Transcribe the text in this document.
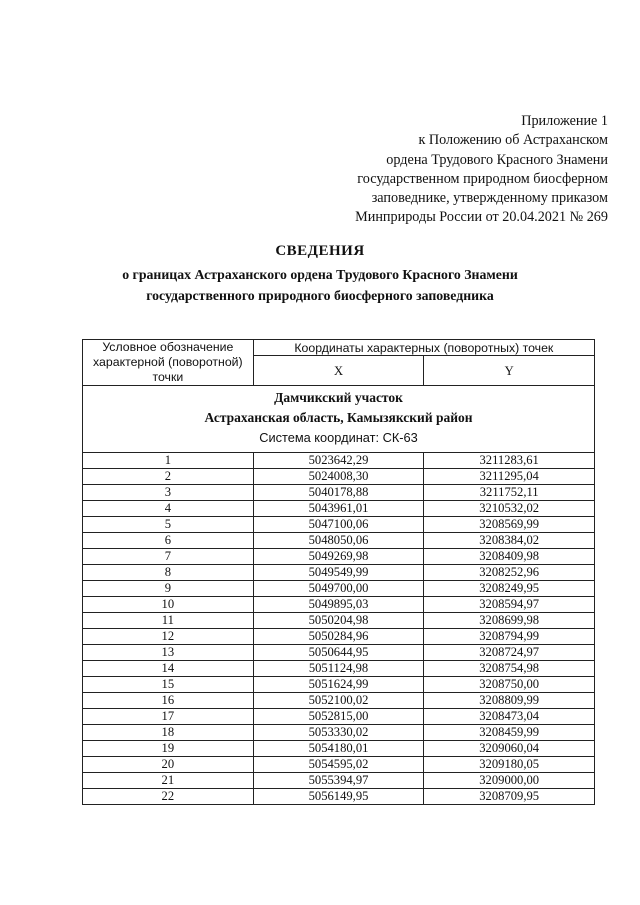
Приложение 1
к Положению об Астраханском
ордена Трудового Красного Знамени
государственном природном биосферном
заповеднике, утвержденному приказом
Минприроды России от 20.04.2021 № 269
СВЕДЕНИЯ
о границах Астраханского ордена Трудового Красного Знамени
государственного природного биосферного заповедника
Условное обозначение характерной (поворотной) точки	Координаты характерных (поворотных) точек	
	X	Y

Дамчикский участок
Астраханская область, Камызякский район
Система координат: СК-63		

1	5023642,29	3211283,61
2	5024008,30	3211295,04
3	5040178,88	3211752,11
4	5043961,01	3210532,02
5	5047100,06	3208569,99
6	5048050,06	3208384,02
7	5049269,98	3208409,98
8	5049549,99	3208252,96
9	5049700,00	3208249,95
10	5049895,03	3208594,97
11	5050204,98	3208699,98
12	5050284,96	3208794,99
13	5050644,95	3208724,97
14	5051124,98	3208754,98
15	5051624,99	3208750,00
16	5052100,02	3208809,99
17	5052815,00	3208473,04
18	5053330,02	3208459,99
19	5054180,01	3209060,04
20	5054595,02	3209180,05
21	5055394,97	3209000,00
22	5056149,95	3208709,95
